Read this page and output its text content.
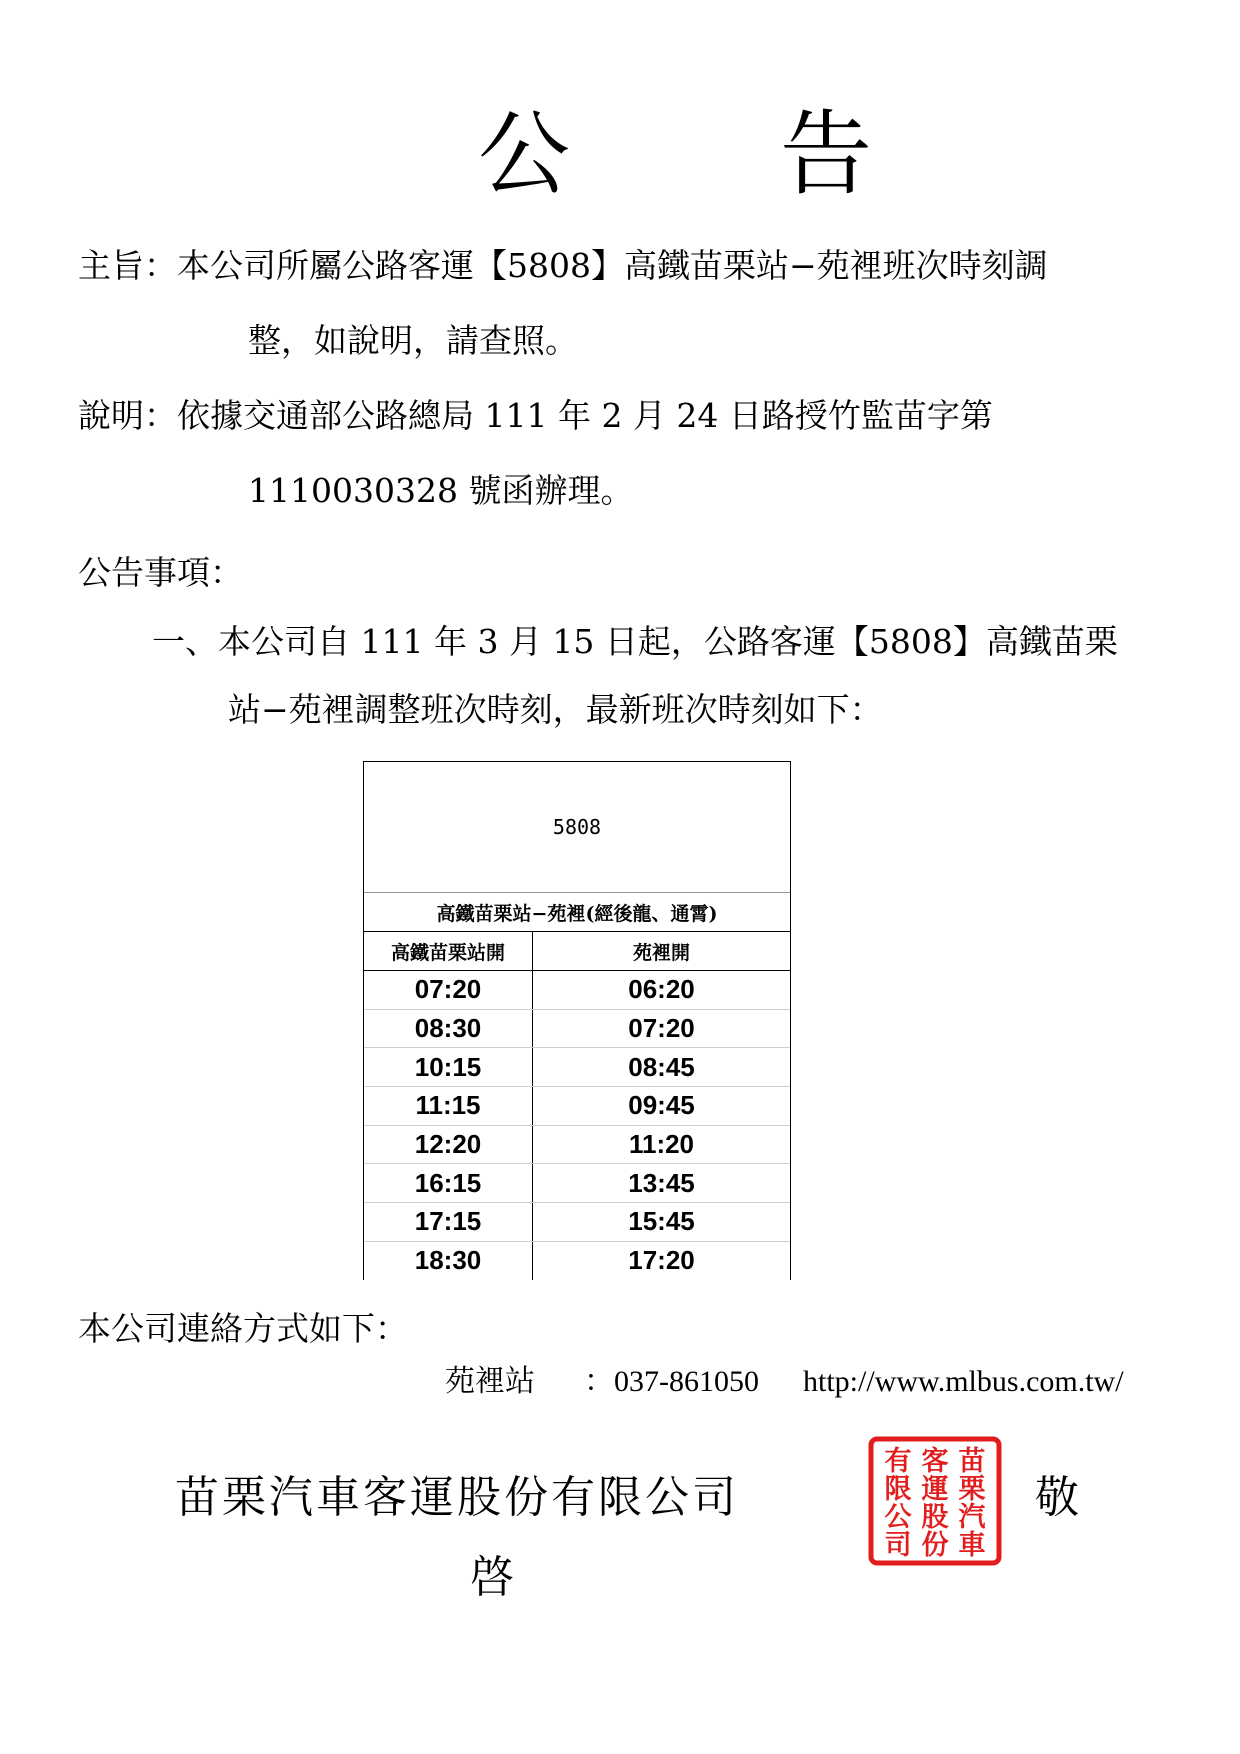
公 告
主旨：本公司所屬公路客運【5808】高鐵苗栗站−苑裡班次時刻調
整，如說明，請查照。
說明：依據交通部公路總局 111 年 2 月 24 日路授竹監苗字第
1110030328 號函辦理。
公告事項：
一、本公司自 111 年 3 月 15 日起，公路客運【5808】高鐵苗栗
站−苑裡調整班次時刻，最新班次時刻如下：
5808
高鐵苗栗站−苑裡(經後龍、通霄)
高鐵苗栗站開	苑裡開
07:20	06:20
08:30	07:20
10:15	08:45
11:15	09:45
12:20	11:20
16:15	13:45
17:15	15:45
18:30	17:20
本公司連絡方式如下：
苑裡站 ：037-861050 http://www.mlbus.com.tw/
苗栗汽車客運股份有限公司
苗
栗
汽
車
客
運
股
份
有
限
公
司
敬
啓
